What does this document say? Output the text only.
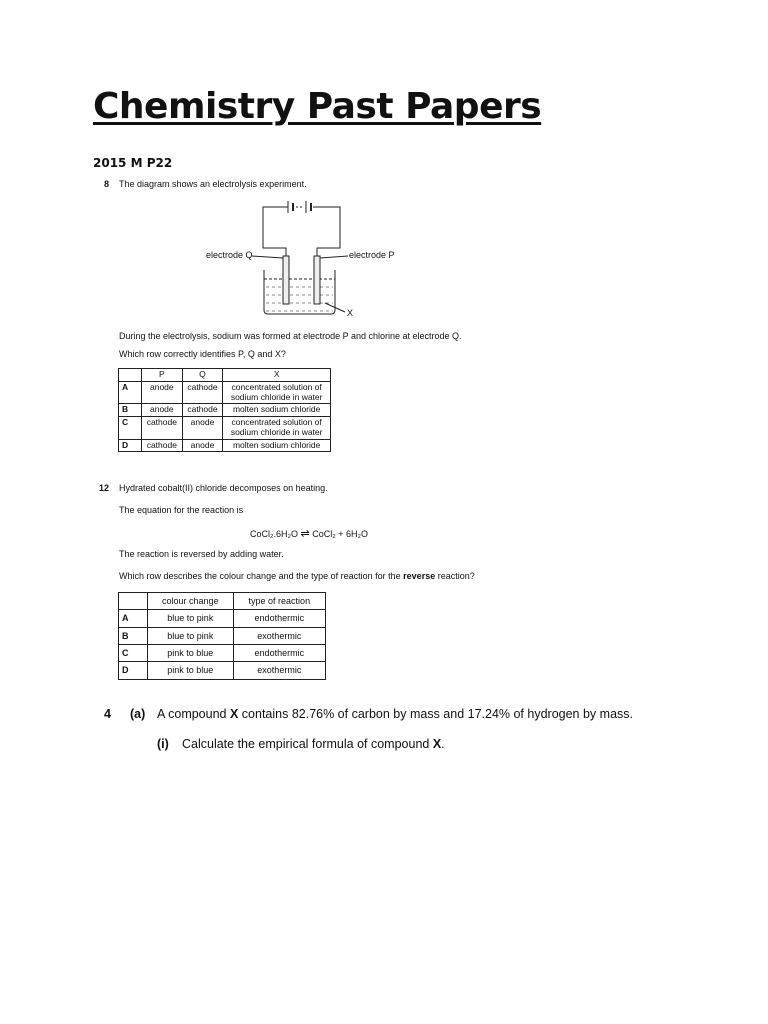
Chemistry Past Papers
2015 M P22
8 The diagram shows an electrolysis experiment.
electrode Q	electrode P
X
During the electrolysis, sodium was formed at electrode P and chlorine at electrode Q.
Which row correctly identifies P, Q and X?
	P	Q	X
A	anode	cathode	concentrated solution of
sodium chloride in water
B	anode	cathode	molten sodium chloride
C	cathode	anode	concentrated solution of
sodium chloride in water
D	cathode	anode	molten sodium chloride
12 Hydrated cobalt(II) chloride decomposes on heating.
The equation for the reaction is
CoCl₂.6H₂O ⇌ CoCl₂ + 6H₂O
The reaction is reversed by adding water.
Which row describes the colour change and the type of reaction for the reverse reaction?
	colour change	type of reaction
A	blue to pink	endothermic
B	blue to pink	exothermic
C	pink to blue	endothermic
D	pink to blue	exothermic
4 (a) A compound X contains 82.76% of carbon by mass and 17.24% of hydrogen by mass.
(i) Calculate the empirical formula of compound X.
